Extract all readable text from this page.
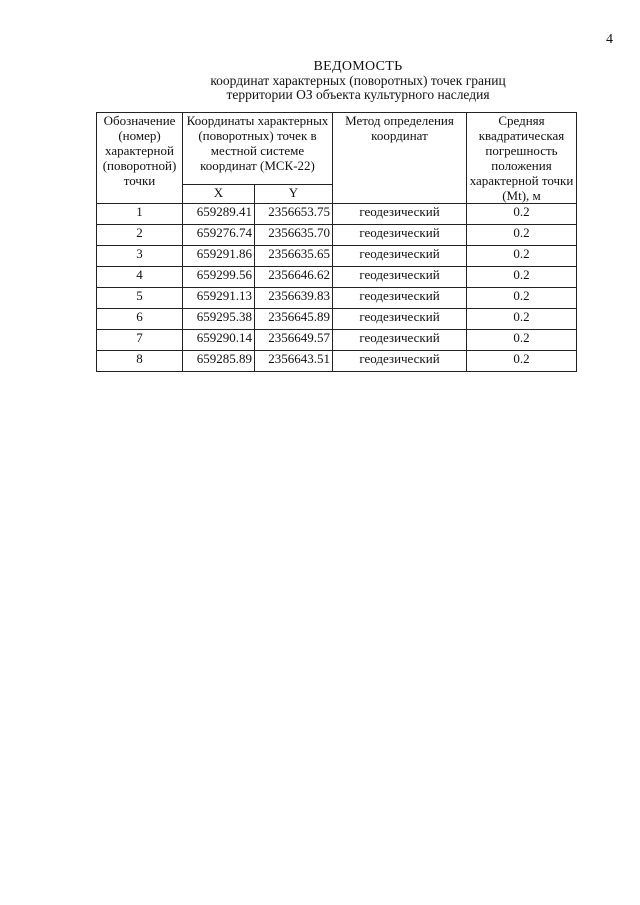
4
ВЕДОМОСТЬ
координат характерных (поворотных) точек границ
территории ОЗ объекта культурного наследия
Обозначение (номер) характерной (поворотной) точки	Координаты характерных (поворотных) точек в местной системе координат (МСК-22)		Метод определения координат	Средняя квадратическая погрешность положения характерной точки (Mt), м
	X	Y		
1	659289.41	2356653.75	геодезический	0.2
2	659276.74	2356635.70	геодезический	0.2
3	659291.86	2356635.65	геодезический	0.2
4	659299.56	2356646.62	геодезический	0.2
5	659291.13	2356639.83	геодезический	0.2
6	659295.38	2356645.89	геодезический	0.2
7	659290.14	2356649.57	геодезический	0.2
8	659285.89	2356643.51	геодезический	0.2
